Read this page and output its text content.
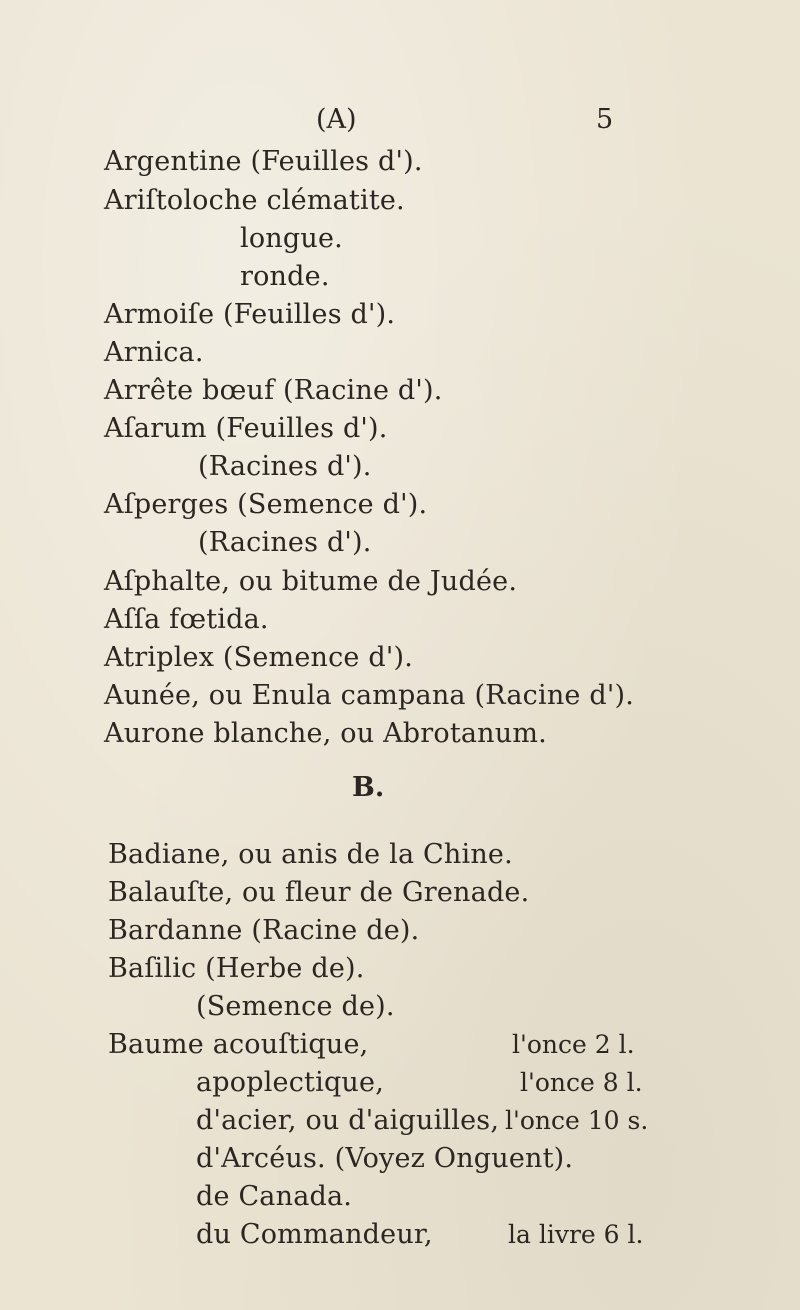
(A)	5
Argentine (Feuilles d').
Ariſtoloche clématite.
longue.
ronde.
Armoiſe (Feuilles d').
Arnica.
Arrête bœuf (Racine d').
Aſarum (Feuilles d').
(Racines d').
Aſperges (Semence d').
(Racines d').
Aſphalte, ou bitume de Judée.
Aſſa fœtida.
Atriplex (Semence d').
Aunée, ou Enula campana (Racine d').
Aurone blanche, ou Abrotanum.
B.
Badiane, ou anis de la Chine.
Balauſte, ou fleur de Grenade.
Bardanne (Racine de).
Baſilic (Herbe de).
(Semence de).
Baume acouſtique,
apoplectique,
d'acier, ou d'aiguilles,
d'Arcéus. (Voyez Onguent).
de Canada.
du Commandeur,
l'once 2 l.
l'once 8 l.
l'once 10 s.
la livre 6 l.
